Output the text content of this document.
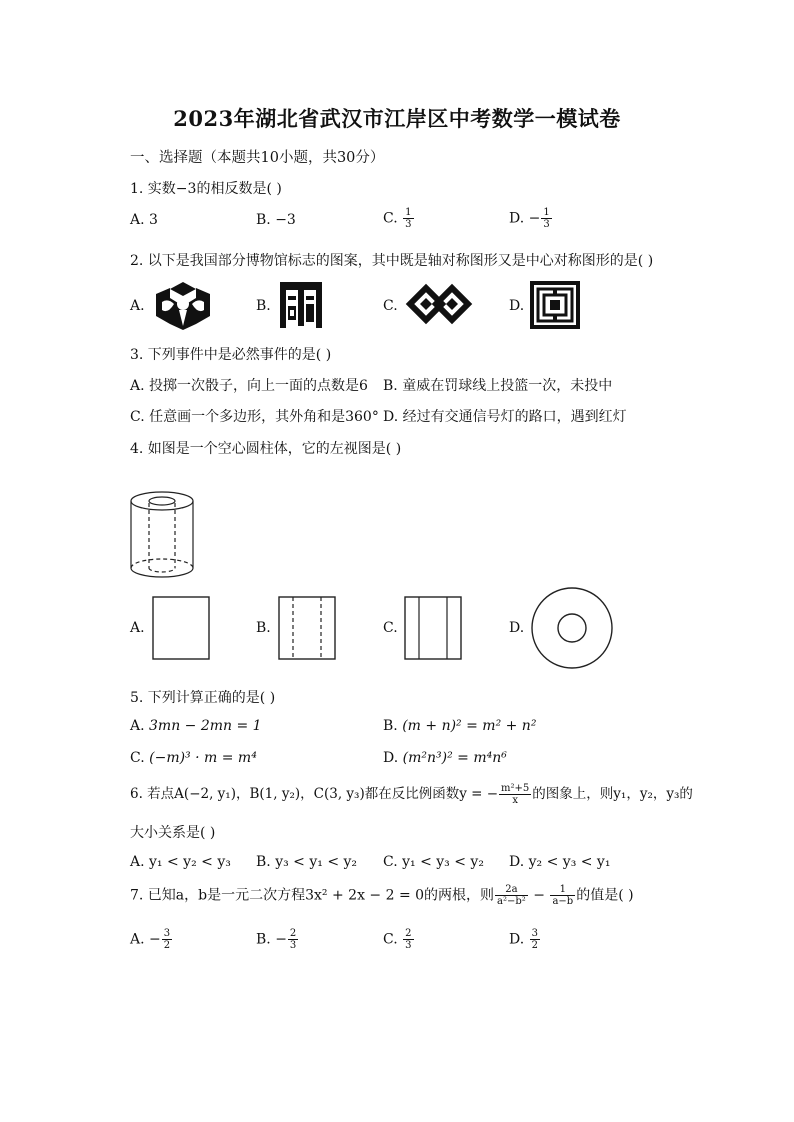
2023年湖北省武汉市江岸区中考数学一模试卷
一、选择题（本题共10小题，共30分）
1. 实数−3的相反数是( )
A. 3	B. −3	C. $\frac{1}{3}$	D. − $\frac{1}{3}$
2. 以下是我国部分博物馆标志的图案，其中既是轴对称图形又是中心对称图形的是( )
A.	B.	C.	D.
3. 下列事件中是必然事件的是( )
A. 投掷一次骰子，向上一面的点数是6 B. 童威在罚球线上投篮一次，未投中
C. 任意画一个多边形，其外角和是360° D. 经过有交通信号灯的路口，遇到红灯
4. 如图是一个空心圆柱体，它的左视图是( )
A.	B.	C.	D.
5. 下列计算正确的是( )
A. 3mn − 2mn = 1	B. (m + n)² = m² + n²
C. (−m)³ · m = m⁴	D. (m²n³)² = m⁴n⁶
6. 若点A(−2, y₁)，B(1, y₂)，C(3, y₃)都在反比例函数y = − $\frac{\text{m²+5}}{x}$ 的图象上，则y₁，y₂，y₃的
大小关系是( )
A. y₁ < y₂ < y₃ B. y₃ < y₁ < y₂ C. y₁ < y₃ < y₂ D. y₂ < y₃ < y₁
7. 已知a，b是一元二次方程3x² + 2x − 2 = 0的两根，则 $\frac{2a}{\text{a²−b²}} - \frac{1}{a-b}$ 的值是( )
A. − $\frac{3}{2}$	B. − $\frac{2}{3}$	C. $\frac{2}{3}$	D. $\frac{3}{2}$
